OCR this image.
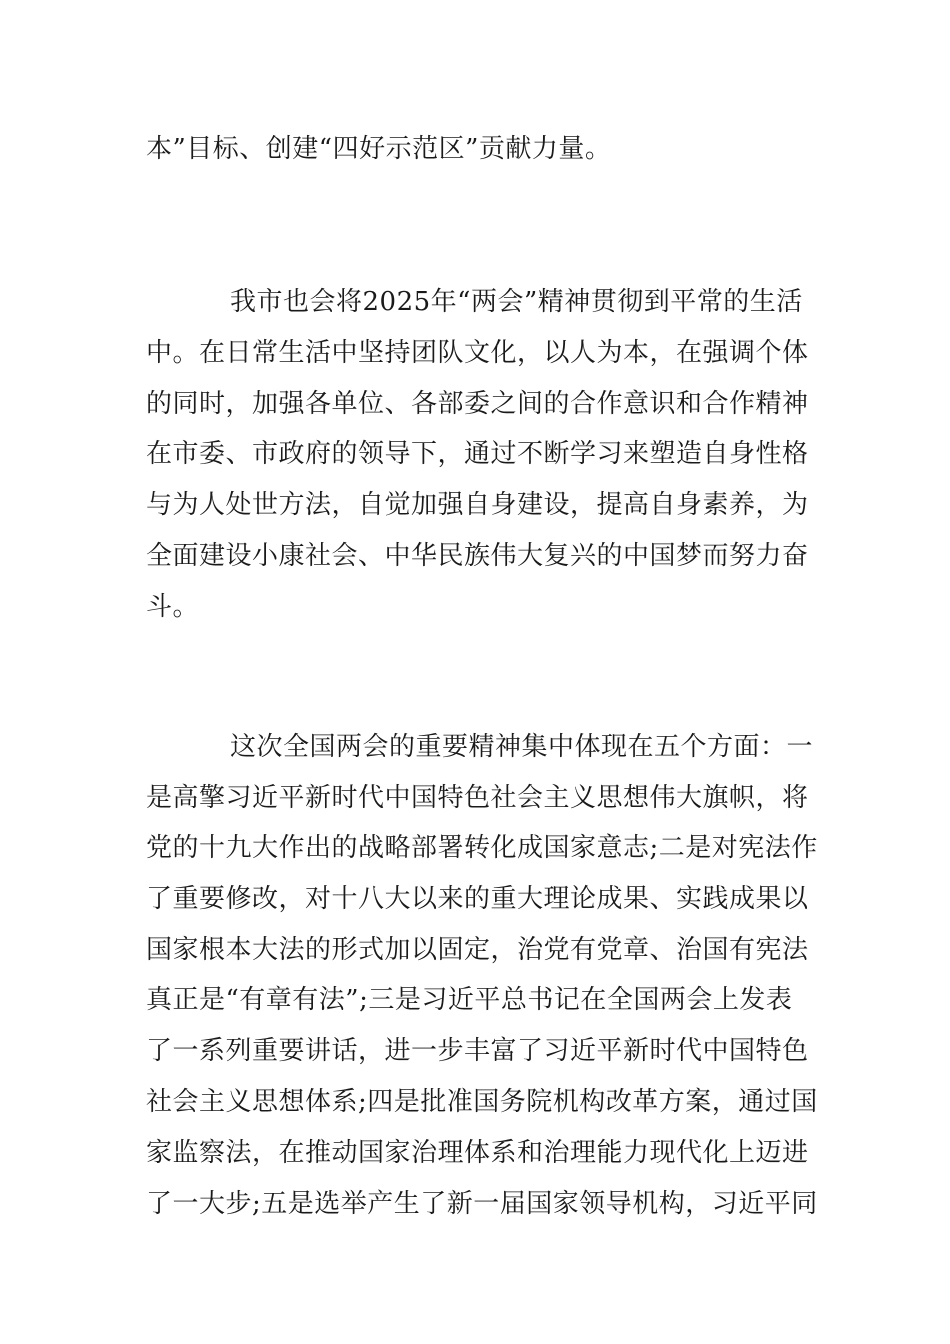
本”目标、创建“四好示范区”贡献力量。
我市也会将2025年“两会”精神贯彻到平常的生活
中。在日常生活中坚持团队文化，以人为本，在强调个体
的同时，加强各单位、各部委之间的合作意识和合作精神
在市委、市政府的领导下，通过不断学习来塑造自身性格
与为人处世方法，自觉加强自身建设，提高自身素养，为
全面建设小康社会、中华民族伟大复兴的中国梦而努力奋
斗。
这次全国两会的重要精神集中体现在五个方面：一
是高擎习近平新时代中国特色社会主义思想伟大旗帜，将
党的十九大作出的战略部署转化成国家意志;二是对宪法作
了重要修改，对十八大以来的重大理论成果、实践成果以
国家根本大法的形式加以固定，治党有党章、治国有宪法
真正是“有章有法”;三是习近平总书记在全国两会上发表
了一系列重要讲话，进一步丰富了习近平新时代中国特色
社会主义思想体系;四是批准国务院机构改革方案，通过国
家监察法，在推动国家治理体系和治理能力现代化上迈进
了一大步;五是选举产生了新一届国家领导机构，习近平同
